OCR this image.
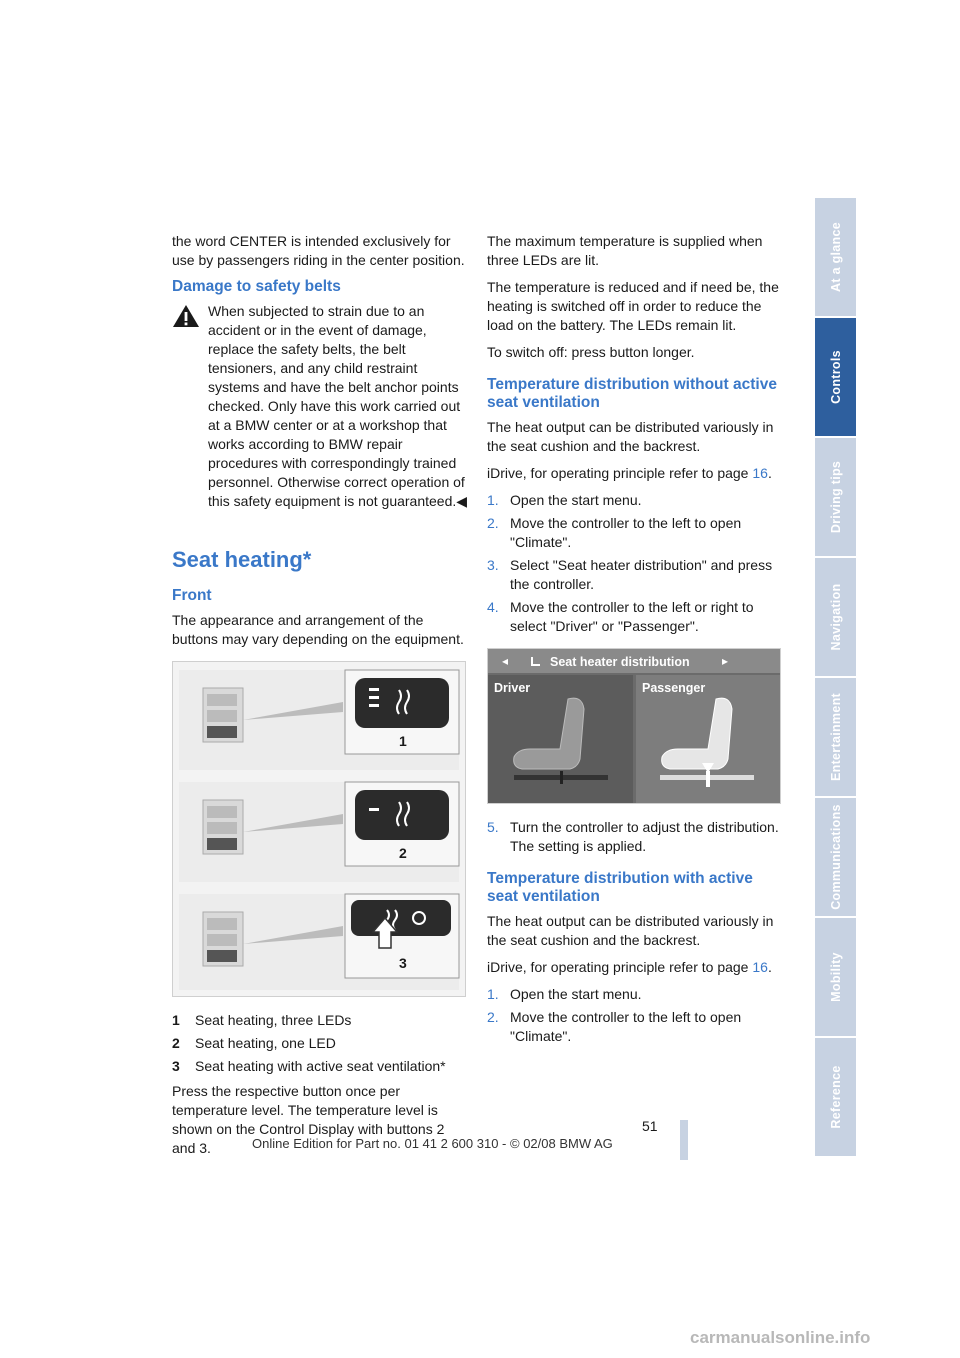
the word CENTER is intended exclusively for use by passengers riding in the center position.

Damage to safety belts

When subjected to strain due to an accident or in the event of damage, replace the safety belts, the belt tensioners, and any child restraint systems and have the belt anchor points checked. Only have this work carried out at a BMW center or at a workshop that works according to BMW repair procedures with correspondingly trained personnel. Otherwise correct operation of this safety equipment is not guaranteed.◀

Seat heating*
Front

The appearance and arrangement of the buttons may vary depending on the equipment.

1
2
3
1	Seat heating, three LEDs
2	Seat heating, one LED
3	Seat heating with active seat ventilation*

Press the respective button once per temperature level. The temperature level is shown on the Control Display with buttons 2 and 3.

The maximum temperature is supplied when three LEDs are lit.

The temperature is reduced and if need be, the heating is switched off in order to reduce the load on the battery. The LEDs remain lit.

To switch off: press button longer.

Temperature distribution without active seat ventilation

The heat output can be distributed variously in the seat cushion and the backrest.

iDrive, for operating principle refer to page 16.

1. Open the start menu.
2. Move the controller to the left to open "Climate".
3. Select "Seat heater distribution" and press the controller.
4. Move the controller to the left or right to select "Driver" or "Passenger".
◂	Seat heater distribution	▸
Driver	Passenger
5. Turn the controller to adjust the distribution.
The setting is applied.
Temperature distribution with active seat ventilation

The heat output can be distributed variously in the seat cushion and the backrest.

iDrive, for operating principle refer to page 16.

1. Open the start menu.
2. Move the controller to the left to open "Climate".
At a glance
Controls
Driving tips
Navigation
Entertainment
Communications
Mobility
Reference
51
Online Edition for Part no. 01 41 2 600 310 - © 02/08 BMW AG
carmanualsonline.info
